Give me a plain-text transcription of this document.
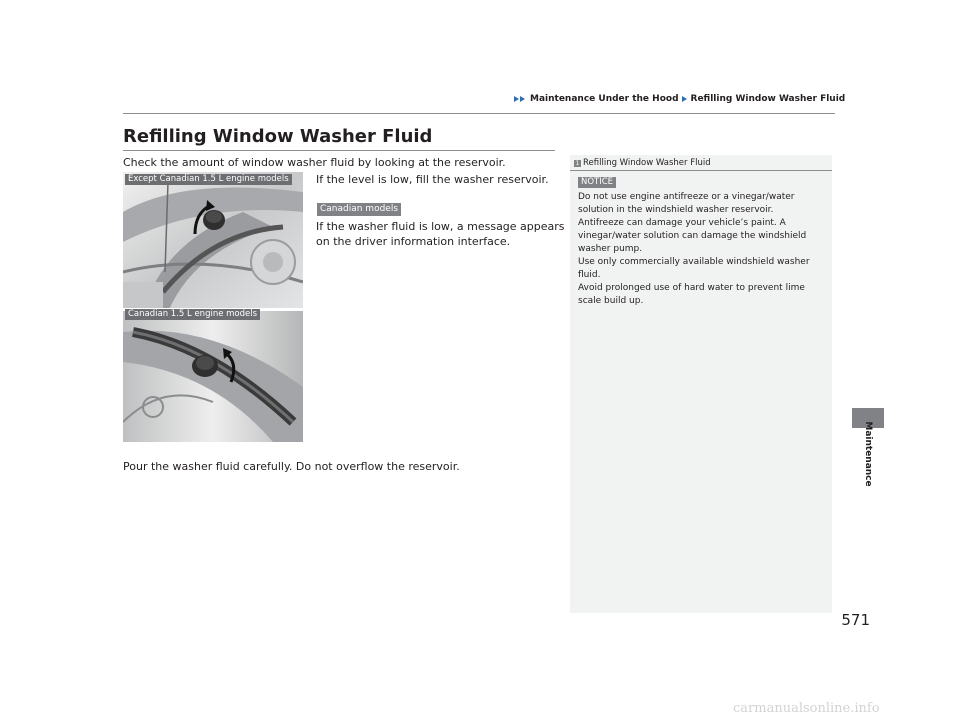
Maintenance Under the Hood Refilling Window Washer Fluid
Refilling Window Washer Fluid
Check the amount of window washer fluid by looking at the reservoir.
If the level is low, fill the washer reservoir.
Canadian models
If the washer fluid is low, a message appears
on the driver information interface.
Pour the washer fluid carefully. Do not overflow the reservoir.
Except Canadian 1.5 L engine models
Canadian 1.5 L engine models
1 Refilling Window Washer Fluid
NOTICE
Do not use engine antifreeze or a vinegar/water
solution in the windshield washer reservoir.
Antifreeze can damage your vehicle’s paint. A
vinegar/water solution can damage the windshield
washer pump.
Use only commercially available windshield washer
fluid.
Avoid prolonged use of hard water to prevent lime
scale build up.
Maintenance
571
carmanualsonline.info
